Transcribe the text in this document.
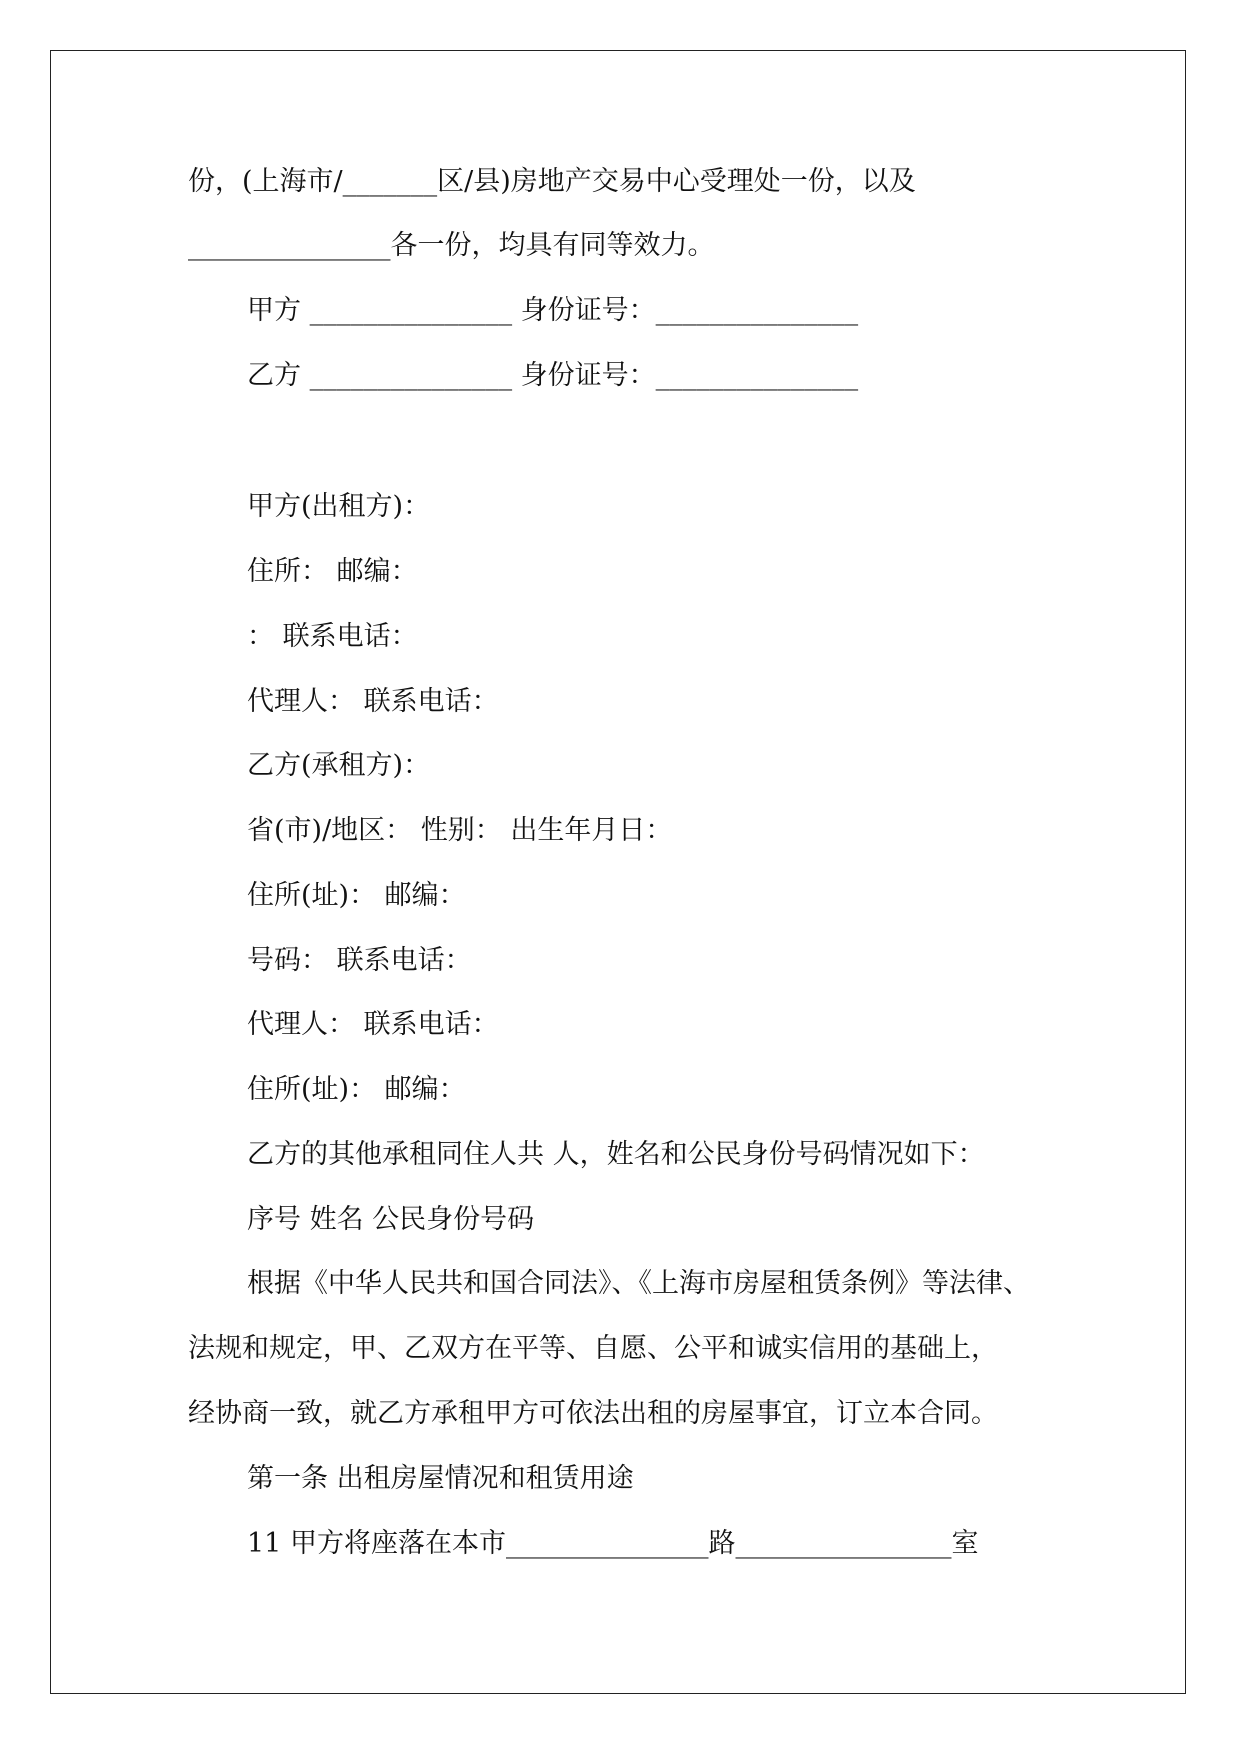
份，(上海市/_______区/县)房地产交易中心受理处一份，以及
_______________各一份，均具有同等效力。
甲方 _______________ 身份证号：_______________
乙方 _______________ 身份证号：_______________
甲方(出租方)：
住所： 邮编：
： 联系电话：
代理人： 联系电话：
乙方(承租方)：
省(市)/地区： 性别： 出生年月日：
住所(址)： 邮编：
号码： 联系电话：
代理人： 联系电话：
住所(址)： 邮编：
乙方的其他承租同住人共 人，姓名和公民身份号码情况如下：
序号 姓名 公民身份号码
根据《中华人民共和国合同法》、《上海市房屋租赁条例》等法律、
法规和规定，甲、乙双方在平等、自愿、公平和诚实信用的基础上，
经协商一致，就乙方承租甲方可依法出租的房屋事宜，订立本合同。
第一条 出租房屋情况和租赁用途
11 甲方将座落在本市_______________路________________室
